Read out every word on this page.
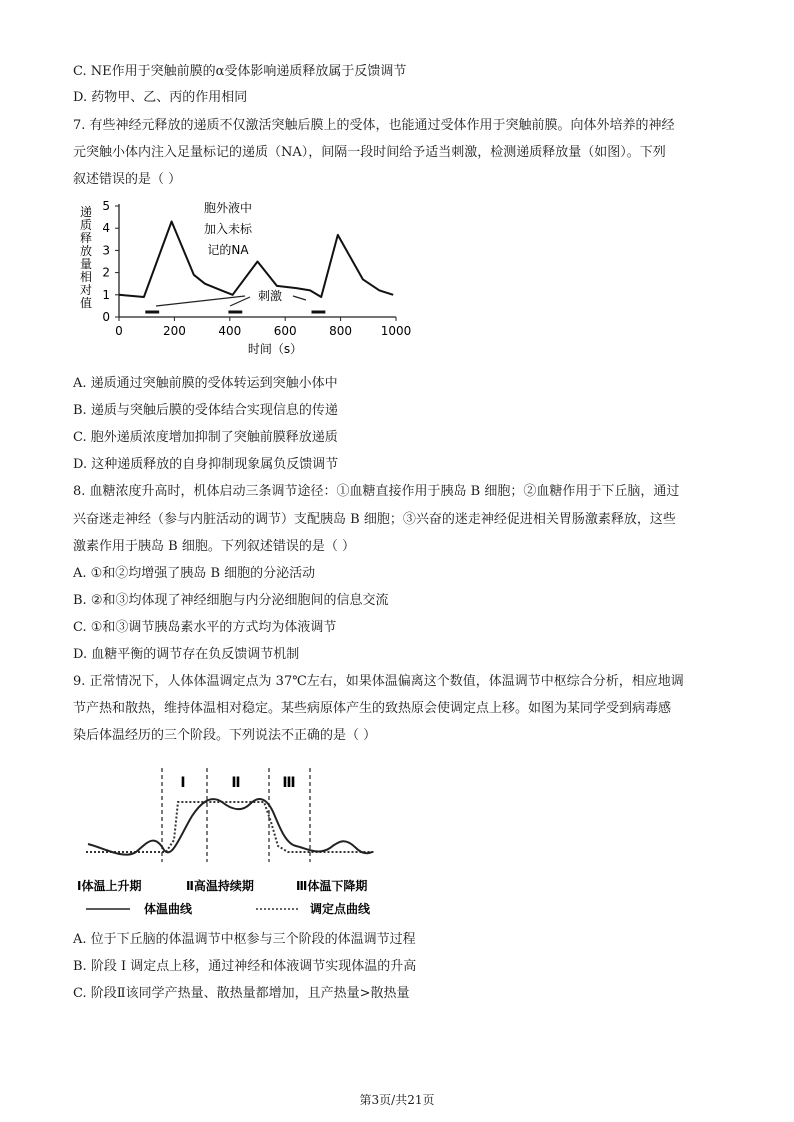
C. NE作用于突触前膜的α受体影响递质释放属于反馈调节
D. 药物甲、乙、丙的作用相同
7. 有些神经元释放的递质不仅激活突触后膜上的受体，也能通过受体作用于突触前膜。向体外培养的神经
元突触小体内注入足量标记的递质（NA），间隔一段时间给予适当刺激，检测递质释放量（如图）。下列
叙述错误的是（ ）
递
质
释
放
量
相
对
值
0
1
2
3
4
5
0	200	400	600	800 1000
胞外液中
加入未标
记的NA
刺激
时间（s）
A. 递质通过突触前膜的受体转运到突触小体中
B. 递质与突触后膜的受体结合实现信息的传递
C. 胞外递质浓度增加抑制了突触前膜释放递质
D. 这种递质释放的自身抑制现象属负反馈调节
8. 血糖浓度升高时，机体启动三条调节途径：①血糖直接作用于胰岛 B 细胞；②血糖作用于下丘脑，通过
兴奋迷走神经（参与内脏活动的调节）支配胰岛 B 细胞；③兴奋的迷走神经促进相关胃肠激素释放，这些
激素作用于胰岛 B 细胞。下列叙述错误的是（ ）
A. ①和②均增强了胰岛 B 细胞的分泌活动
B. ②和③均体现了神经细胞与内分泌细胞间的信息交流
C. ①和③调节胰岛素水平的方式均为体液调节
D. 血糖平衡的调节存在负反馈调节机制
9. 正常情况下，人体体温调定点为 37℃左右，如果体温偏离这个数值，体温调节中枢综合分析，相应地调
节产热和散热，维持体温相对稳定。某些病原体产生的致热原会使调定点上移。如图为某同学受到病毒感
染后体温经历的三个阶段。下列说法不正确的是（ ）
Ⅰ	Ⅱ	Ⅲ
Ⅰ体温上升期	Ⅱ高温持续期	Ⅲ体温下降期
体温曲线	调定点曲线
A. 位于下丘脑的体温调节中枢参与三个阶段的体温调节过程
B. 阶段 I 调定点上移，通过神经和体液调节实现体温的升高
C. 阶段Ⅱ该同学产热量、散热量都增加，且产热量>散热量
第3页/共21页
